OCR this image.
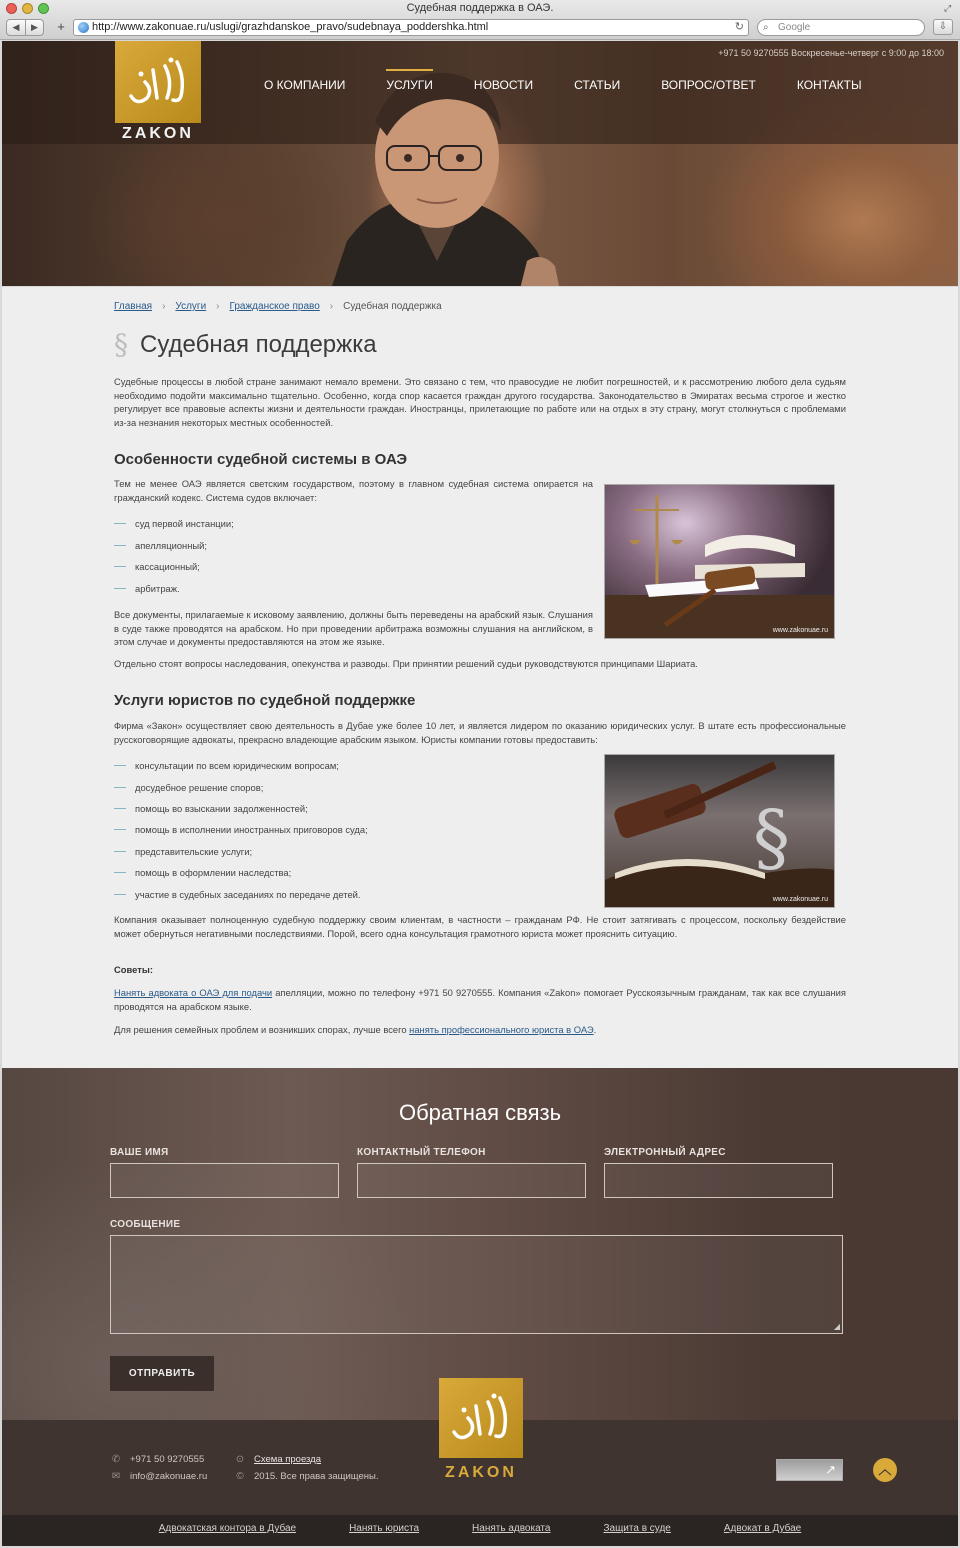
Судебная поддержка в ОАЭ.	⤢
◀	▶	+	http://www.zakonuae.ru/uslugi/grazhdanskoe_pravo/sudebnaya_poddershka.html	↻ ⌕ Google	⇩
ZAKON
+971 50 9270555 Воскресенье-четверг с 9:00 до 18:00
О КОМПАНИИ	УСЛУГИ	НОВОСТИ	СТАТЬИ	ВОПРОС/ОТВЕТ	КОНТАКТЫ
Главная › Услуги › Гражданское право › Судебная поддержка
§ Судебная поддержка

Судебные процессы в любой стране занимают немало времени. Это связано с тем, что правосудие не любит погрешностей, и к рассмотрению любого дела судьям необходимо подойти максимально тщательно. Особенно, когда спор касается граждан другого государства. Законодательство в Эмиратах весьма строгое и жестко регулирует все правовые аспекты жизни и деятельности граждан. Иностранцы, прилетающие по работе или на отдых в эту страну, могут столкнуться с проблемами из-за незнания некоторых местных особенностей.

Особенности судебной системы в ОАЭ

Тем не менее ОАЭ является светским государством, поэтому в главном судебная система опирается на гражданский кодекс. Система судов включает:

суд первой инстанции;
апелляционный;
кассационный;
арбитраж.

Все документы, прилагаемые к исковому заявлению, должны быть переведены на арабский язык. Слушания в суде также проводятся на арабском. Но при проведении арбитража возможны слушания на английском, в этом случае и документы предоставляются на этом же языке.

Отдельно стоят вопросы наследования, опекунства и разводы. При принятии решений судьи руководствуются принципами Шариата.

www.zakonuae.ru
Услуги юристов по судебной поддержке

Фирма «Закон» осуществляет свою деятельность в Дубае уже более 10 лет, и является лидером по оказанию юридических услуг. В штате есть профессиональные русскоговорящие адвокаты, прекрасно владеющие арабским языком. Юристы компании готовы предоставить:

консультации по всем юридическим вопросам;
досудебное решение споров;
помощь во взыскании задолженностей;
помощь в исполнении иностранных приговоров суда;
представительские услуги;
помощь в оформлении наследства;
участие в судебных заседаниях по передаче детей.
§
www.zakonuae.ru

Компания оказывает полноценную судебную поддержку своим клиентам, в частности – гражданам РФ. Не стоит затягивать с процессом, поскольку бездействие может обернуться негативными последствиями. Порой, всего одна консультация грамотного юриста может прояснить ситуацию.

Советы:

Нанять адвоката о ОАЭ для подачи апелляции, можно по телефону +971 50 9270555. Компания «Zakon» помогает Русскоязычным гражданам, так как все слушания проводятся на арабском языке.

Для решения семейных проблем и возникших спорах, лучше всего нанять профессионального юриста в ОАЭ.

Обратная связь
ВАШЕ ИМЯ	КОНТАКТНЫЙ ТЕЛЕФОН	ЭЛЕКТРОННЫЙ АДРЕС
СООБЩЕНИЕ
◢
ОТПРАВИТЬ
ZAKON
✆ +971 50 9270555
✉ info@zakonuae.ru
⊙ Схема проезда
© 2015. Все права защищены.	↗	︿
Адвокатская контора в Дубае	Нанять юриста	Нанять адвоката	Защита в суде	Адвокат в Дубае
